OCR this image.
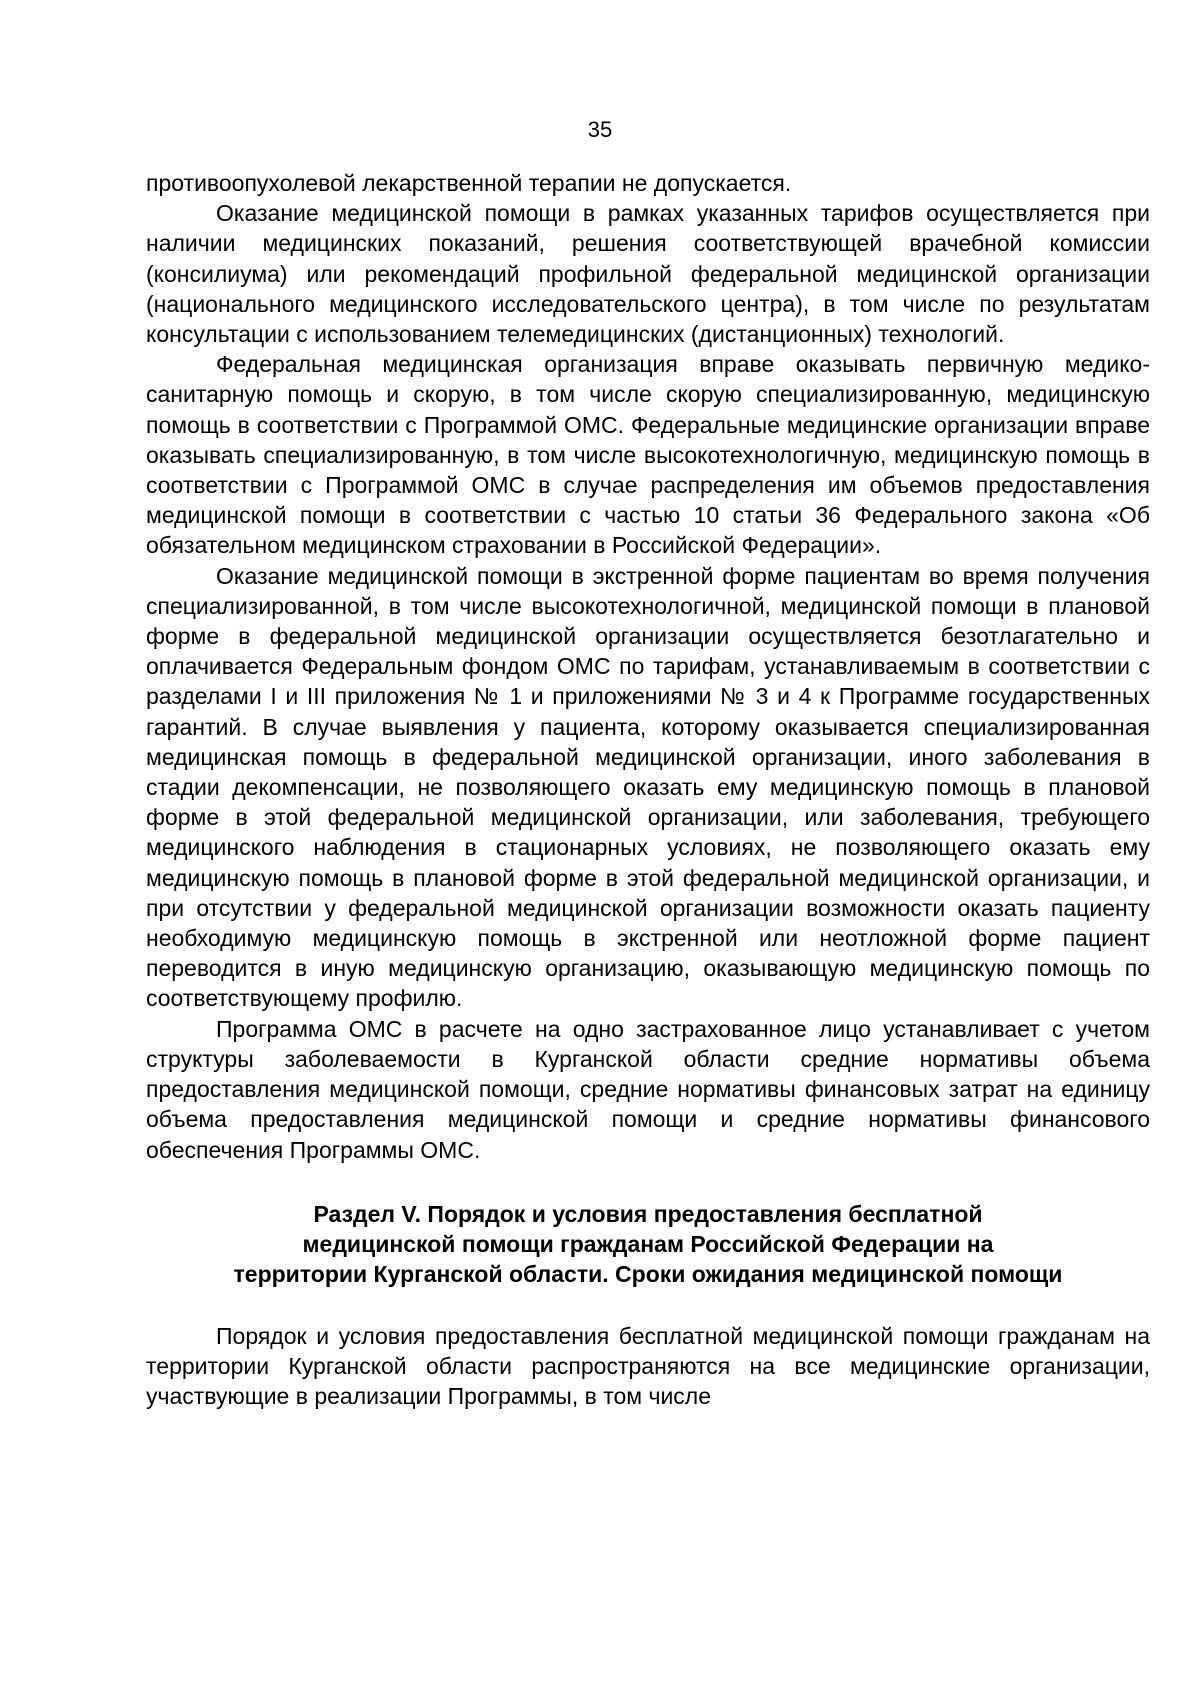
35

противоопухолевой лекарственной терапии не допускается.

Оказание медицинской помощи в рамках указанных тарифов осуществляется при наличии медицинских показаний, решения соответствующей врачебной комиссии (консилиума) или рекомендаций профильной федеральной медицинской организации (национального медицинского исследовательского центра), в том числе по результатам консультации с использованием телемедицинских (дистанционных) технологий.

Федеральная медицинская организация вправе оказывать первичную медико-санитарную помощь и скорую, в том числе скорую специализированную, медицинскую помощь в соответствии с Программой ОМС. Федеральные медицинские организации вправе оказывать специализированную, в том числе высокотехнологичную, медицинскую помощь в соответствии с Программой ОМС в случае распределения им объемов предоставления медицинской помощи в соответствии с частью 10 статьи 36 Федерального закона «Об обязательном медицинском страховании в Российской Федерации».

Оказание медицинской помощи в экстренной форме пациентам во время получения специализированной, в том числе высокотехнологичной, медицинской помощи в плановой форме в федеральной медицинской организации осуществляется безотлагательно и оплачивается Федеральным фондом ОМС по тарифам, устанавливаемым в соответствии с разделами I и III приложения № 1 и приложениями № 3 и 4 к Программе государственных гарантий. В случае выявления у пациента, которому оказывается специализированная медицинская помощь в федеральной медицинской организации, иного заболевания в стадии декомпенсации, не позволяющего оказать ему медицинскую помощь в плановой форме в этой федеральной медицинской организации, или заболевания, требующего медицинского наблюдения в стационарных условиях, не позволяющего оказать ему медицинскую помощь в плановой форме в этой федеральной медицинской организации, и при отсутствии у федеральной медицинской организации возможности оказать пациенту необходимую медицинскую помощь в экстренной или неотложной форме пациент переводится в иную медицинскую организацию, оказывающую медицинскую помощь по соответствующему профилю.

Программа ОМС в расчете на одно застрахованное лицо устанавливает с учетом структуры заболеваемости в Курганской области средние нормативы объема предоставления медицинской помощи, средние нормативы финансовых затрат на единицу объема предоставления медицинской помощи и средние нормативы финансового обеспечения Программы ОМС.

Раздел V. Порядок и условия предоставления бесплатной
медицинской помощи гражданам Российской Федерации на
территории Курганской области. Сроки ожидания медицинской помощи

Порядок и условия предоставления бесплатной медицинской помощи гражданам на территории Курганской области распространяются на все медицинские организации, участвующие в реализации Программы, в том числе
